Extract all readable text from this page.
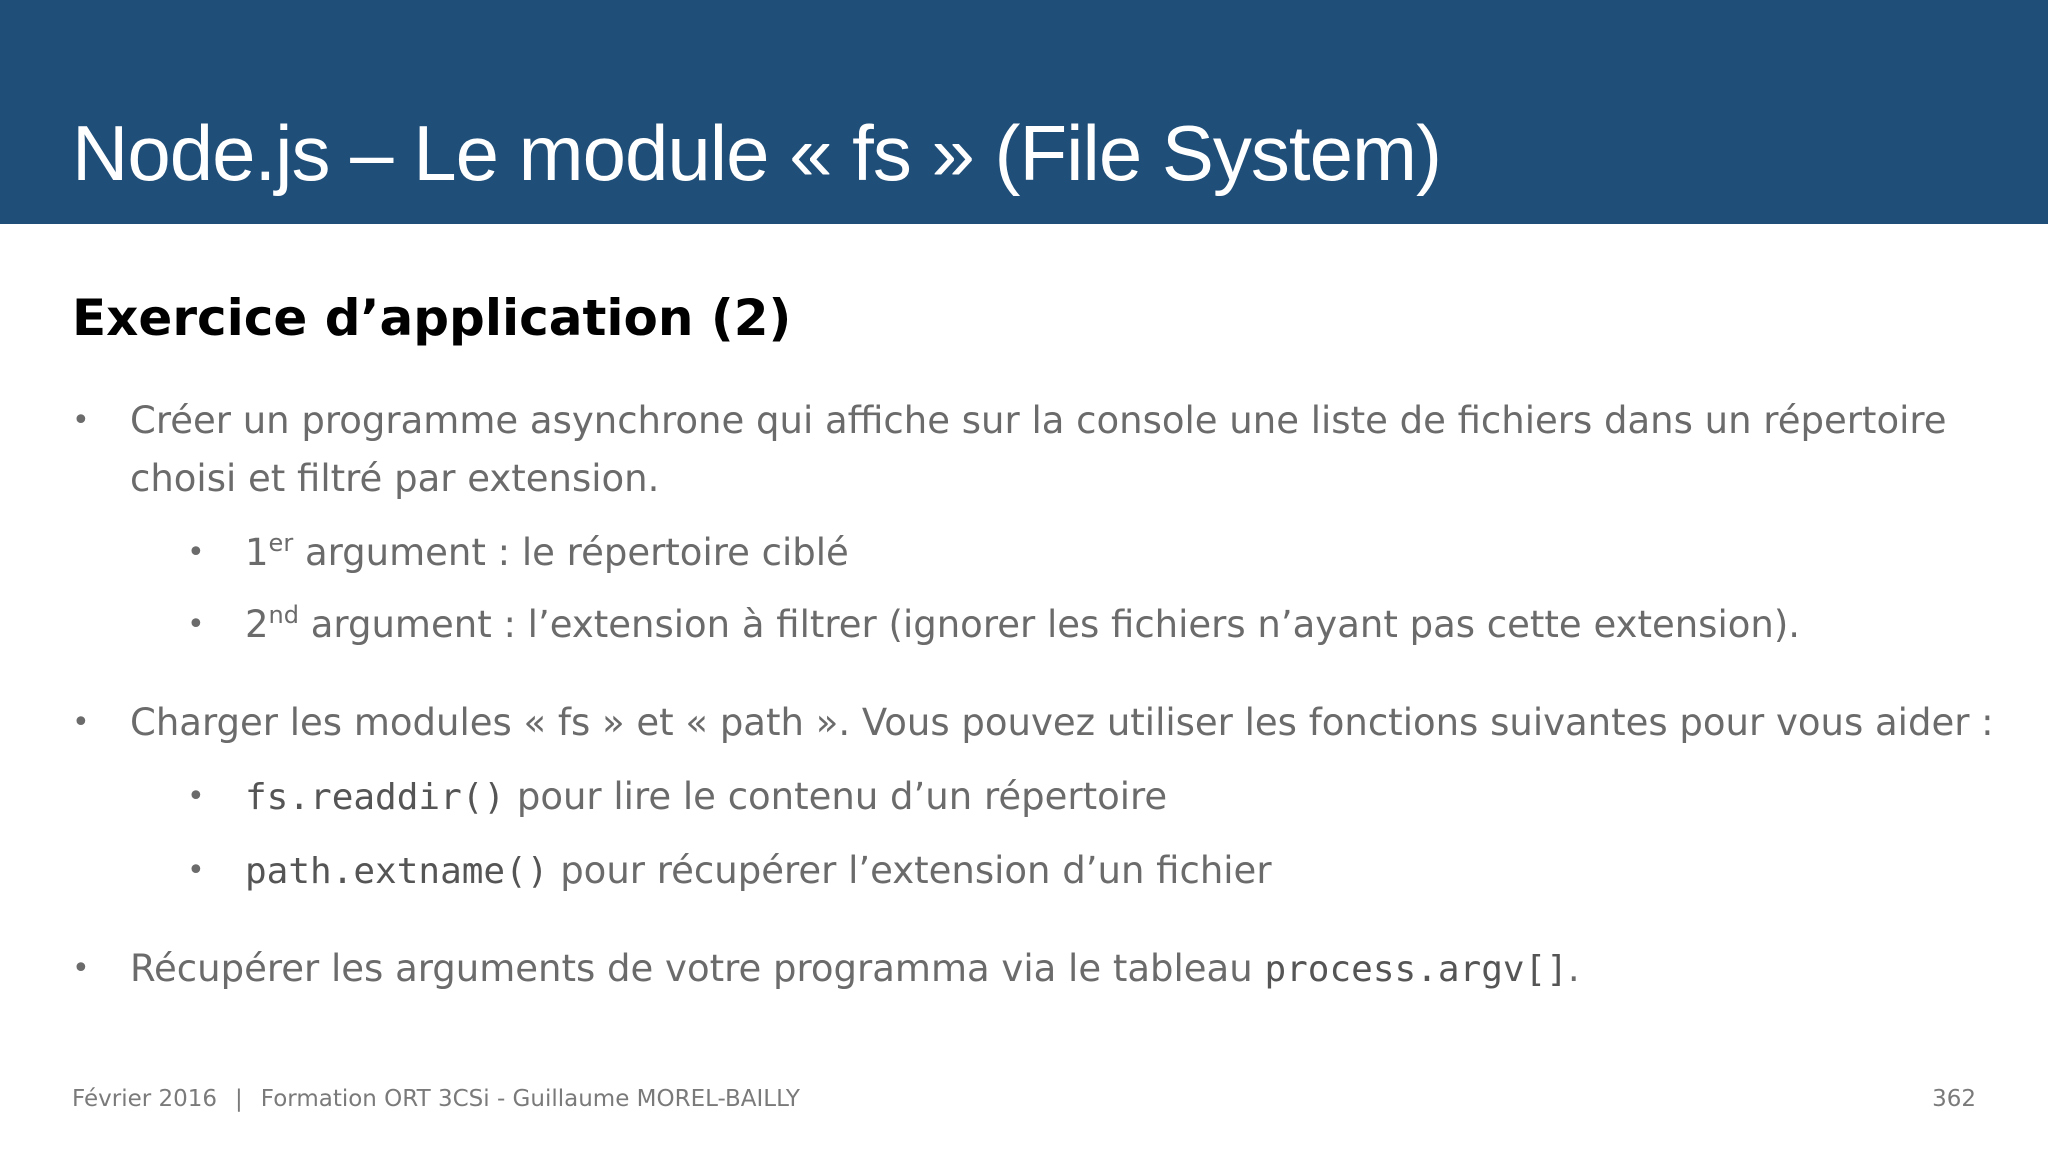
Node.js – Le module « fs » (File System)
Exercice d’application (2)
• Créer un programme asynchrone qui affiche sur la console une liste de fichiers dans un répertoire
choisi et filtré par extension.
• 1er argument : le répertoire ciblé
• 2nd argument : l’extension à filtrer (ignorer les fichiers n’ayant pas cette extension).
• Charger les modules « fs » et « path ». Vous pouvez utiliser les fonctions suivantes pour vous aider :
• fs.readdir() pour lire le contenu d’un répertoire
• path.extname() pour récupérer l’extension d’un fichier
• Récupérer les arguments de votre programma via le tableau process.argv[].
Février 2016 | Formation ORT 3CSi - Guillaume MOREL-BAILLY	362
